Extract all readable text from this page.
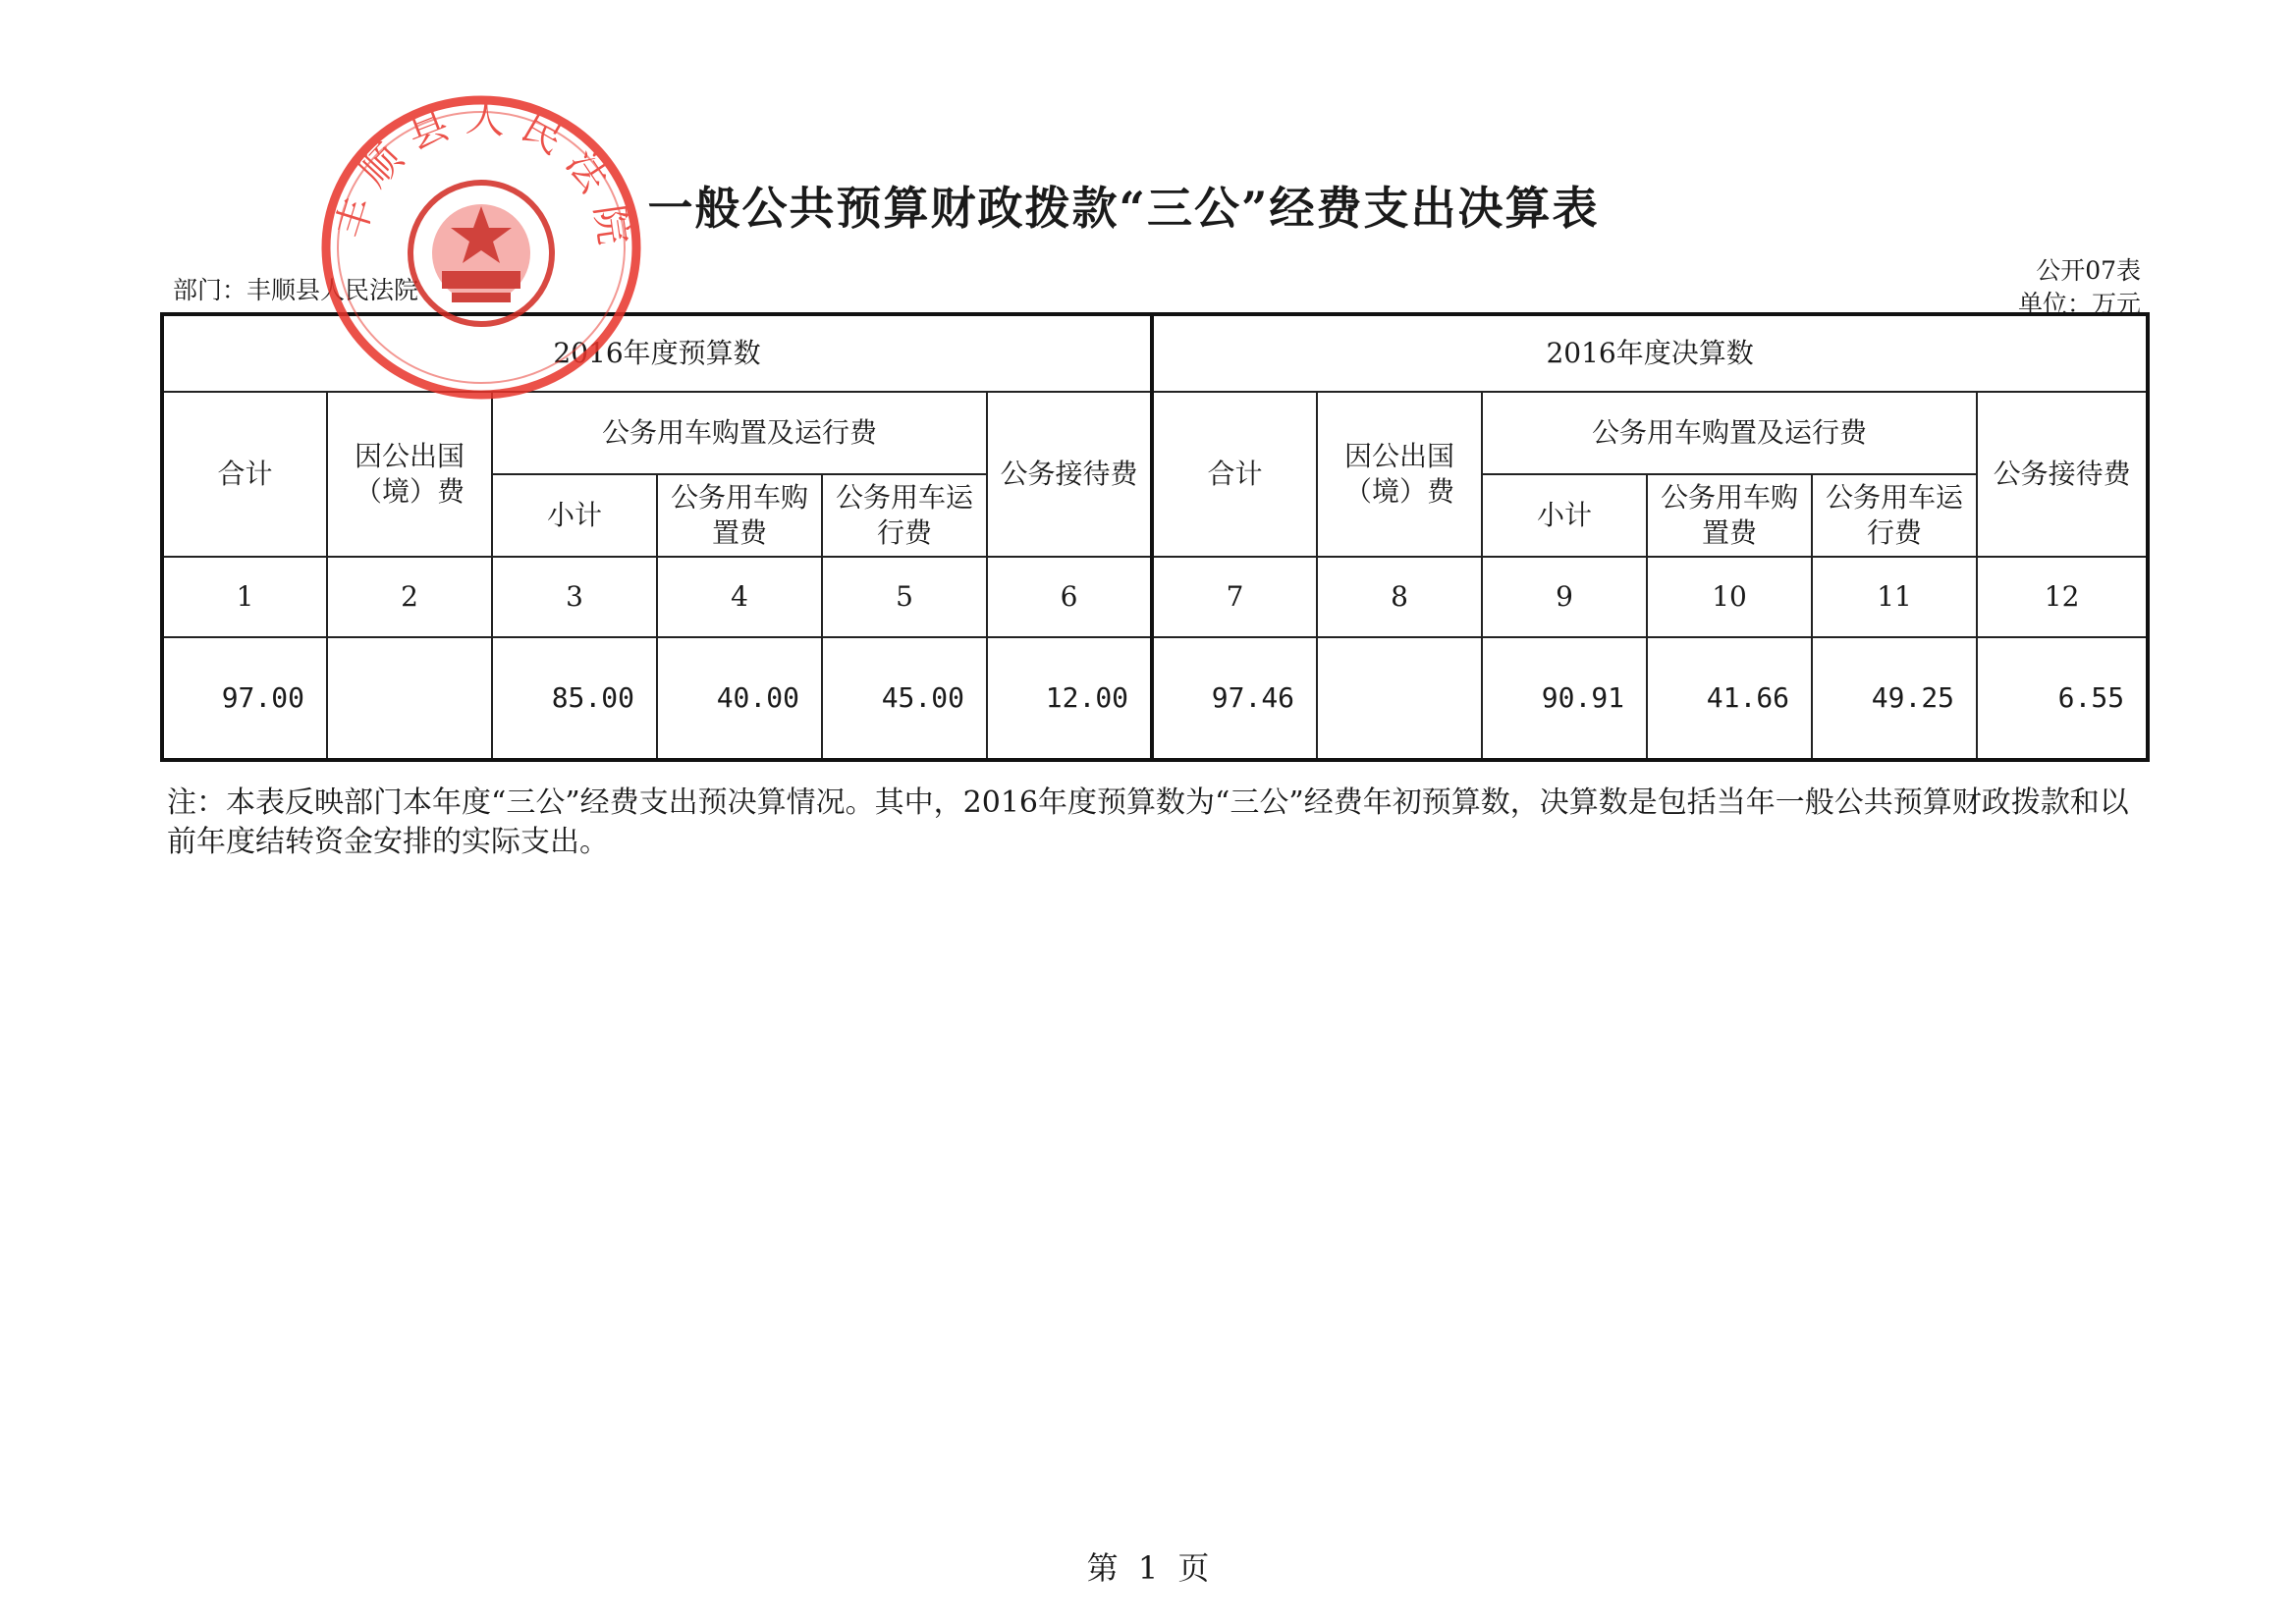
一般公共预算财政拨款“三公”经费支出决算表
部门：丰顺县人民法院
公开07表
单位：万元
2016年度预算数						2016年度决算数					
合计	因公出国（境）费	公务用车购置及运行费			公务接待费	合计	因公出国（境）费	公务用车购置及运行费			公务接待费
		小计	公务用车购置费	公务用车运行费				小计	公务用车购置费	公务用车运行费	
1	2	3	4	5	6	7	8	9	10	11	12
97.00		85.00	40.00	45.00	12.00	97.46		90.91	41.66	49.25	6.55
注：本表反映部门本年度“三公”经费支出预决算情况。其中，2016年度预算数为“三公”经费年初预算数，决算数是包括当年一般公共预算财政拨款和以前年度结转资金安排的实际支出。
第 1 页
丰顺县人民法院
